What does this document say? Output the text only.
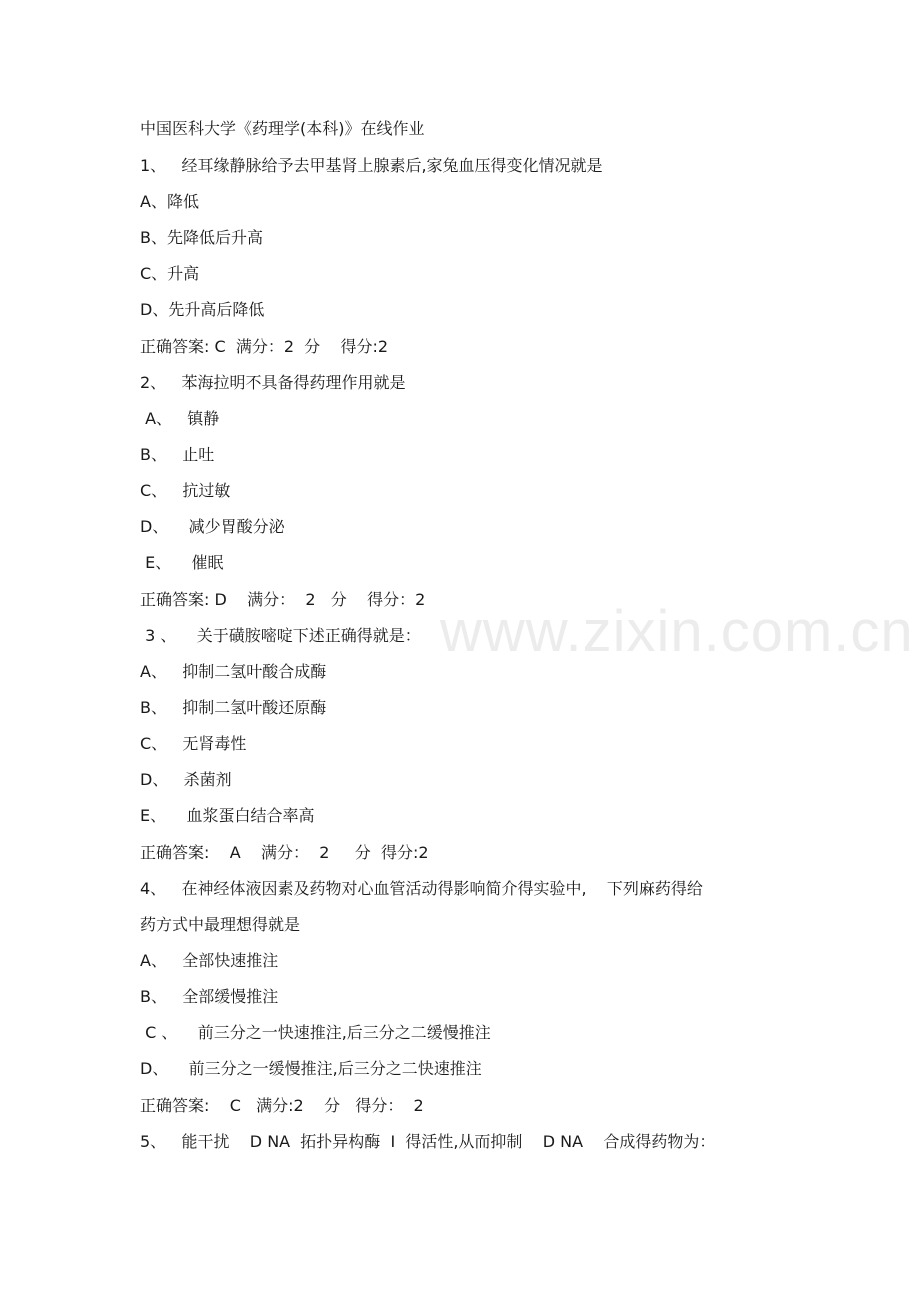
www.zixin.com.cn
中国医科大学《药理学(本科)》在线作业
1、   经耳缘静脉给予去甲基肾上腺素后,家兔血压得变化情况就是
A、降低
B、先降低后升高
C、升高
D、先升高后降低
正确答案: C  满分：2  分    得分:2
2、   苯海拉明不具备得药理作用就是
A、   镇静
B、   止吐
C、   抗过敏
D、    减少胃酸分泌
E、    催眠
正确答案: D    满分：  2   分    得分：2
3 、    关于磺胺嘧啶下述正确得就是：
A、   抑制二氢叶酸合成酶
B、   抑制二氢叶酸还原酶
C、   无肾毒性
D、   杀菌剂
E、    血浆蛋白结合率高
正确答案:    A    满分：  2     分  得分:2
4、   在神经体液因素及药物对心血管活动得影响简介得实验中,    下列麻药得给
药方式中最理想得就是
A、   全部快速推注
B、   全部缓慢推注
C 、    前三分之一快速推注,后三分之二缓慢推注
D、    前三分之一缓慢推注,后三分之二快速推注
正确答案:    C   满分:2    分   得分：  2
5、   能干扰    D NA  拓扑异构酶  I  得活性,从而抑制    D NA    合成得药物为：
